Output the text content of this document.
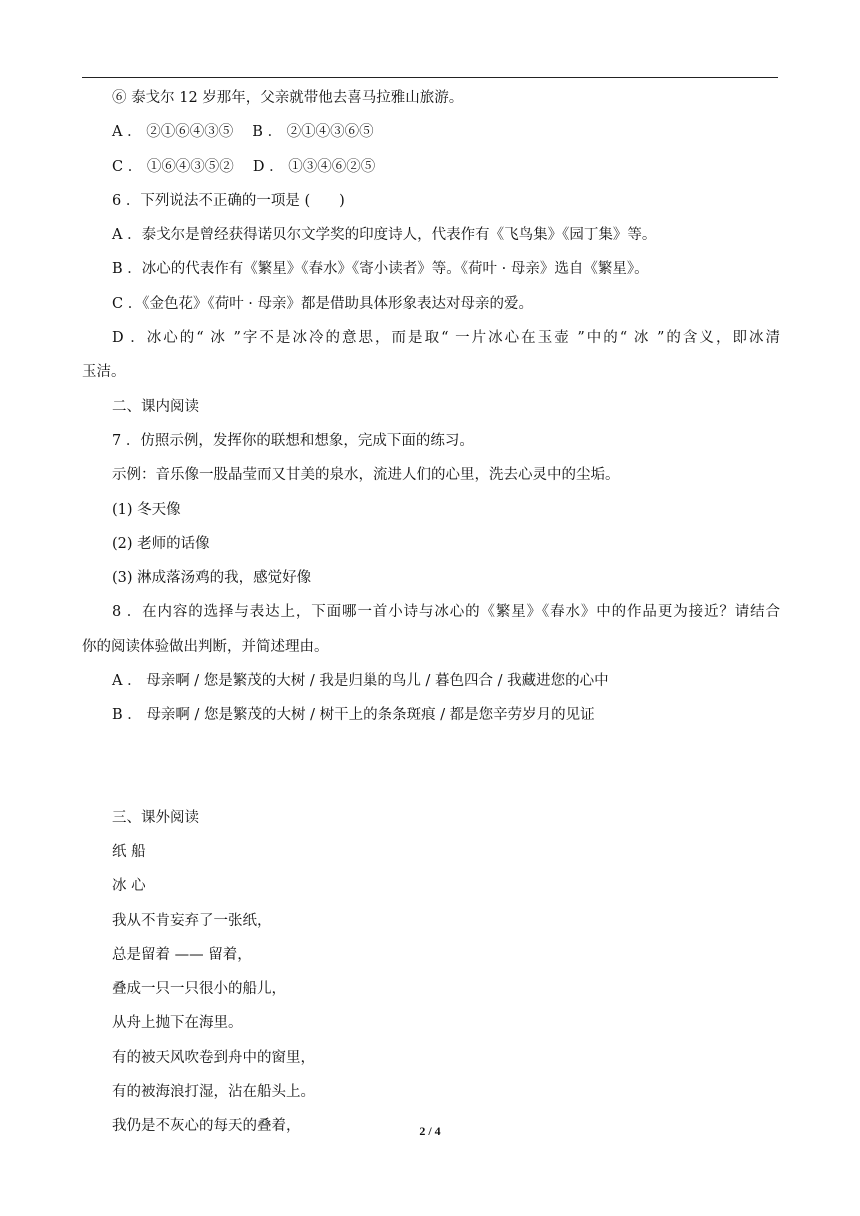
⑥ 泰戈尔 12 岁那年，父亲就带他去喜马拉雅山旅游。
A ． ②①⑥④③⑤　 B ． ②①④③⑥⑤
C ． ①⑥④③⑤②　 D ． ①③④⑥②⑤
6 ．下列说法不正确的一项是 (　　)
A ．泰戈尔是曾经获得诺贝尔文学奖的印度诗人，代表作有《飞鸟集》《园丁集》等。
B ．冰心的代表作有《繁星》《春水》《寄小读者》等。《荷叶 · 母亲》选自《繁星》。
C ．《金色花》《荷叶 · 母亲》都是借助具体形象表达对母亲的爱。
D ．冰心的“ 冰 ”字不是冰冷的意思，而是取“ 一片冰心在玉壶 ”中的“ 冰 ”的含义，即冰清
玉洁。
二、课内阅读
7 ．仿照示例，发挥你的联想和想象，完成下面的练习。
示例：音乐像一股晶莹而又甘美的泉水，流进人们的心里，洗去心灵中的尘垢。
(1) 冬天像
(2) 老师的话像
(3) 淋成落汤鸡的我，感觉好像
8 ．在内容的选择与表达上，下面哪一首小诗与冰心的《繁星》《春水》中的作品更为接近？请结合
你的阅读体验做出判断，并简述理由。
A ． 母亲啊 / 您是繁茂的大树 / 我是归巢的鸟儿 / 暮色四合 / 我藏进您的心中
B ． 母亲啊 / 您是繁茂的大树 / 树干上的条条斑痕 / 都是您辛劳岁月的见证
三、课外阅读
纸 船
冰 心
我从不肯妄弃了一张纸，
总是留着 —— 留着，
叠成一只一只很小的船儿，
从舟上抛下在海里。
有的被天风吹卷到舟中的窗里，
有的被海浪打湿，沾在船头上。
我仍是不灰心的每天的叠着，	2 / 4
